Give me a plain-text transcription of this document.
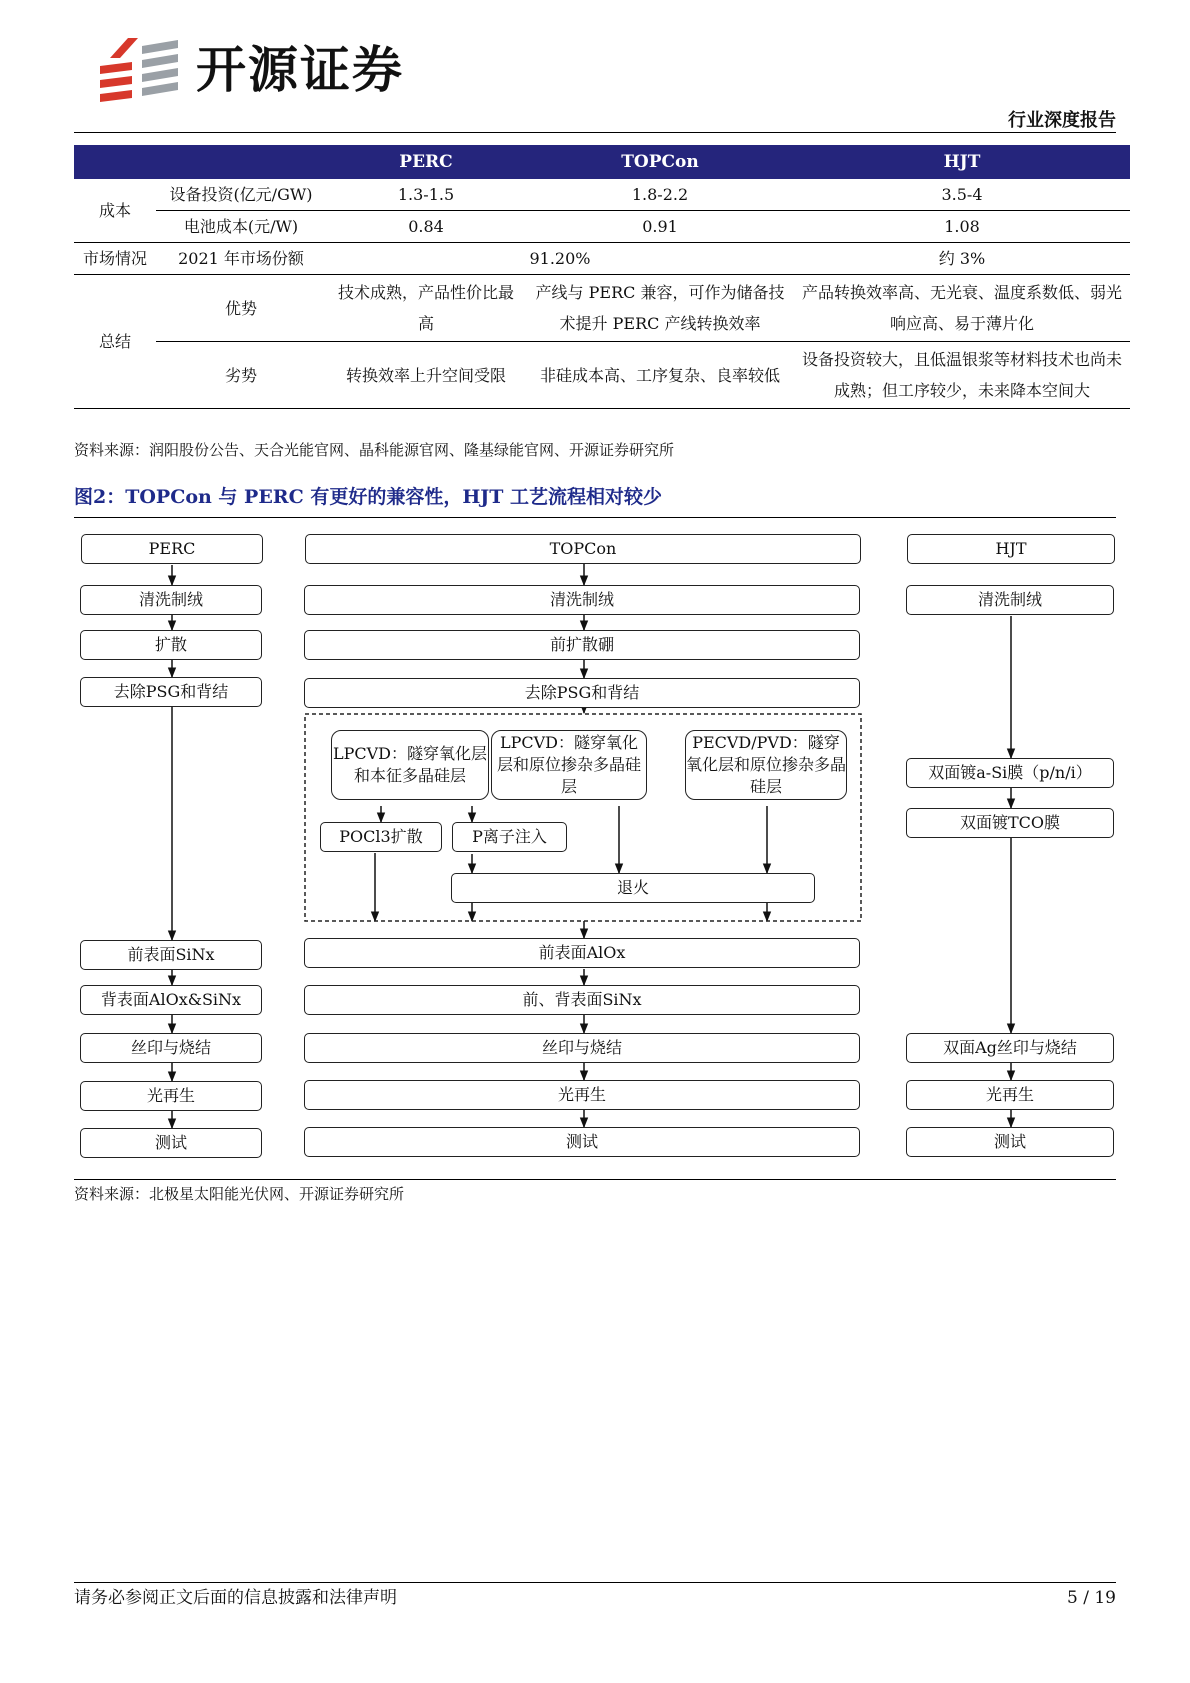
开源证券
行业深度报告
		PERC	TOPCon	HJT
成本	设备投资(亿元/GW)	1.3-1.5	1.8-2.2	3.5-4
	电池成本(元/W)	0.84	0.91	1.08
市场情况	2021 年市场份额	91.20%		约 3%
总结	优势	技术成熟，产品性价比最高	产线与 PERC 兼容，可作为储备技术提升 PERC 产线转换效率	产品转换效率高、无光衰、温度系数低、弱光响应高、易于薄片化
	劣势	转换效率上升空间受限	非硅成本高、工序复杂、良率较低	设备投资较大，且低温银浆等材料技术也尚未成熟；但工序较少，未来降本空间大
资料来源：润阳股份公告、天合光能官网、晶科能源官网、隆基绿能官网、开源证券研究所
图2：TOPCon 与 PERC 有更好的兼容性，HJT 工艺流程相对较少
PERC
清洗制绒
扩散
去除PSG和背结
前表面SiNx
背表面AlOx&SiNx
丝印与烧结
光再生
测试
TOPCon
清洗制绒
前扩散硼
去除PSG和背结
LPCVD：隧穿氧化层和本征多晶硅层
LPCVD：隧穿氧化层和原位掺杂多晶硅层
PECVD/PVD：隧穿氧化层和原位掺杂多晶硅层
POCl3扩散	P离子注入
退火
前表面AlOx
前、背表面SiNx
丝印与烧结
光再生
测试
HJT
清洗制绒
双面镀a-Si膜（p/n/i）
双面镀TCO膜
双面Ag丝印与烧结
光再生
测试
资料来源：北极星太阳能光伏网、开源证券研究所
请务必参阅正文后面的信息披露和法律声明	5 / 19
